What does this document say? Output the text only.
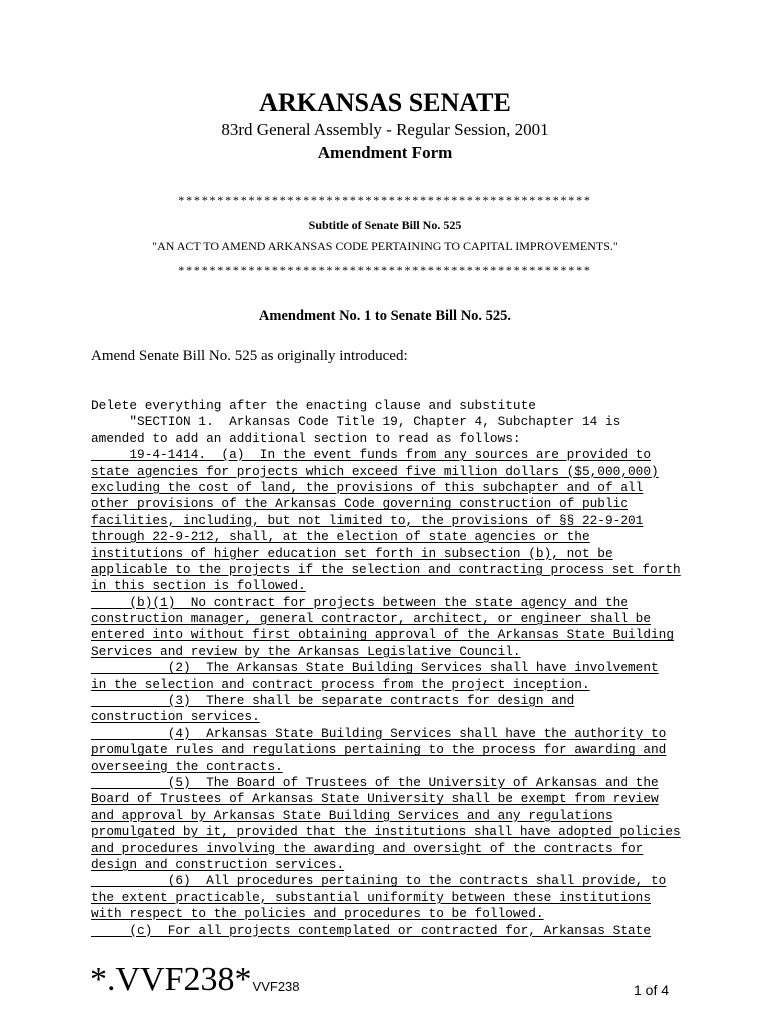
ARKANSAS SENATE
83rd General Assembly - Regular Session, 2001
Amendment Form
*****************************************************
Subtitle of Senate Bill No. 525
"AN ACT TO AMEND ARKANSAS CODE PERTAINING TO CAPITAL IMPROVEMENTS."
*****************************************************
Amendment No. 1 to Senate Bill No. 525.
Amend Senate Bill No. 525 as originally introduced:
Delete everything after the enacting clause and substitute
"SECTION 1.  Arkansas Code Title 19, Chapter 4, Subchapter 14 is
amended to add an additional section to read as follows:
19-4-1414.  (a)  In the event funds from any sources are provided to
state agencies for projects which exceed five million dollars ($5,000,000)
excluding the cost of land, the provisions of this subchapter and of all
other provisions of the Arkansas Code governing construction of public
facilities, including, but not limited to, the provisions of §§ 22-9-201
through 22-9-212, shall, at the election of state agencies or the
institutions of higher education set forth in subsection (b), not be
applicable to the projects if the selection and contracting process set forth
in this section is followed.
(b)(1)  No contract for projects between the state agency and the
construction manager, general contractor, architect, or engineer shall be
entered into without first obtaining approval of the Arkansas State Building
Services and review by the Arkansas Legislative Council.
(2)  The Arkansas State Building Services shall have involvement
in the selection and contract process from the project inception.
(3)  There shall be separate contracts for design and
construction services.
(4)  Arkansas State Building Services shall have the authority to
promulgate rules and regulations pertaining to the process for awarding and
overseeing the contracts.
(5)  The Board of Trustees of the University of Arkansas and the
Board of Trustees of Arkansas State University shall be exempt from review
and approval by Arkansas State Building Services and any regulations
promulgated by it, provided that the institutions shall have adopted policies
and procedures involving the awarding and oversight of the contracts for
design and construction services.
(6)  All procedures pertaining to the contracts shall provide, to
the extent practicable, substantial uniformity between these institutions
with respect to the policies and procedures to be followed.
(c)  For all projects contemplated or contracted for, Arkansas State
*.VVF238*VVF238	1 of 4
